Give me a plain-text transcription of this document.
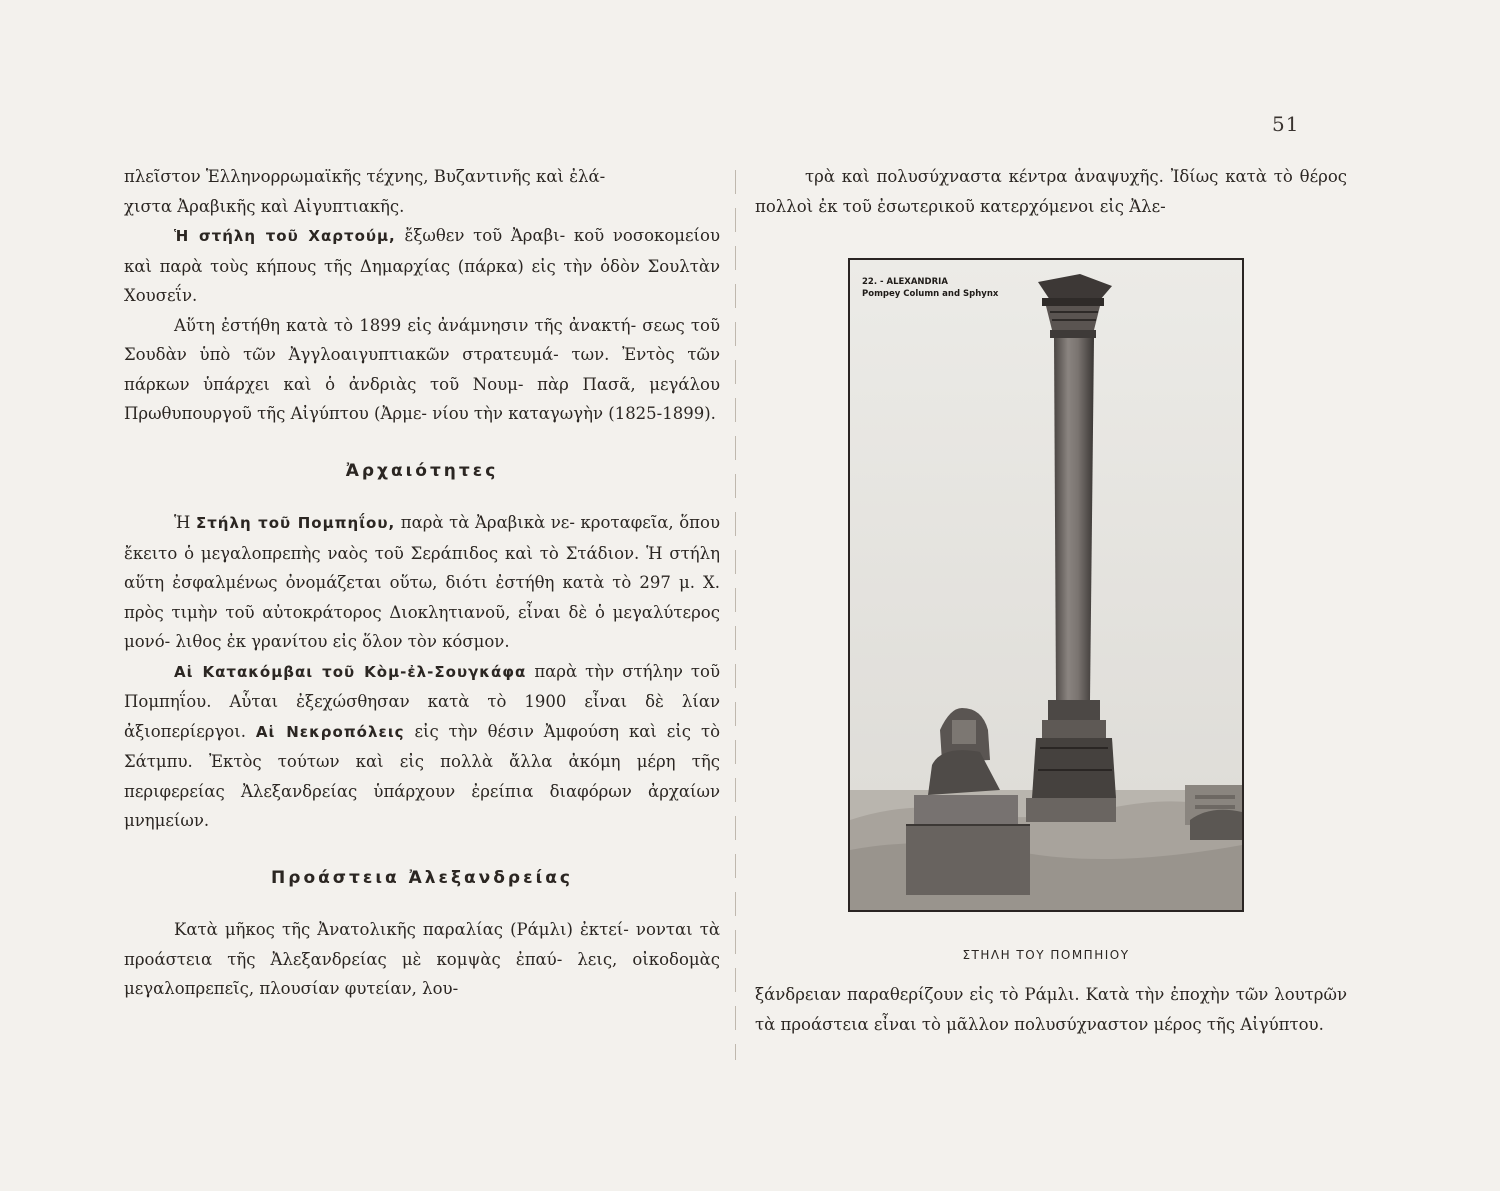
51

πλεῖστον Ἑλληνορρωμαϊκῆς τέχνης, Βυζαντινῆς καὶ ἐλά-
χιστα Ἀραβικῆς καὶ Αἰγυπτιακῆς.

Ἡ στήλη τοῦ Χαρτούμ, ἔξωθεν τοῦ Ἀραβι- κοῦ νοσοκομείου καὶ παρὰ τοὺς κήπους τῆς Δημαρχίας (πάρκα) εἰς τὴν ὁδὸν Σουλτὰν Χουσεΐν.

Αὕτη ἐστήθη κατὰ τὸ 1899 εἰς ἀνάμνησιν τῆς ἀνακτή- σεως τοῦ Σουδὰν ὑπὸ τῶν Ἀγγλοαιγυπτιακῶν στρατευμά- των. Ἐντὸς τῶν πάρκων ὑπάρχει καὶ ὁ ἀνδριὰς τοῦ Νουμ- πὰρ Πασᾶ, μεγάλου Πρωθυπουργοῦ τῆς Αἰγύπτου (Ἀρμε- νίου τὴν καταγωγὴν (1825-1899).

Ἀρχαιότητες

Ἡ Στήλη τοῦ Πομπηΐου, παρὰ τὰ Ἀραβικὰ νε- κροταφεῖα, ὅπου ἔκειτο ὁ μεγαλοπρεπὴς ναὸς τοῦ Σεράπιδος καὶ τὸ Στάδιον. Ἡ στήλη αὕτη ἐσφαλμένως ὀνομάζεται οὕτω, διότι ἐστήθη κατὰ τὸ 297 μ. Χ. πρὸς τιμὴν τοῦ αὐτοκράτορος Διοκλητιανοῦ, εἶναι δὲ ὁ μεγαλύτερος μονό- λιθος ἐκ γρανίτου εἰς ὅλον τὸν κόσμον.

Αἱ Κατακόμβαι τοῦ Κὸμ-ἐλ-Σουγκάφα παρὰ τὴν στήλην τοῦ Πομπηΐου. Αὗται ἐξεχώσθησαν κατὰ τὸ 1900 εἶναι δὲ λίαν ἀξιοπερίεργοι. Αἱ Νεκροπόλεις εἰς τὴν θέσιν Ἀμφούση καὶ εἰς τὸ Σάτμπυ. Ἐκτὸς τούτων καὶ εἰς πολλὰ ἄλλα ἀκόμη μέρη τῆς περιφερείας Ἀλεξανδρείας ὑπάρχουν ἐρείπια διαφόρων ἀρχαίων μνημείων.

Προάστεια Ἀλεξανδρείας

Κατὰ μῆκος τῆς Ἀνατολικῆς παραλίας (Ράμλι) ἐκτεί- νονται τὰ προάστεια τῆς Ἀλεξανδρείας μὲ κομψὰς ἐπαύ- λεις, οἰκοδομὰς μεγαλοπρεπεῖς, πλουσίαν φυτείαν, λου-

τρὰ καὶ πολυσύχναστα κέντρα ἀναψυχῆς. Ἰδίως κατὰ τὸ θέρος πολλοὶ ἐκ τοῦ ἐσωτερικοῦ κατερχόμενοι εἰς Ἀλε-

22. - ALEXANDRIA
Pompey Column and Sphynx
ΣΤΗΛΗ ΤΟΥ ΠΟΜΠΗΙΟΥ

ξάνδρειαν παραθερίζουν εἰς τὸ Ράμλι. Κατὰ τὴν ἐποχὴν τῶν λουτρῶν τὰ προάστεια εἶναι τὸ μᾶλλον πολυσύχναστον μέρος τῆς Αἰγύπτου.
